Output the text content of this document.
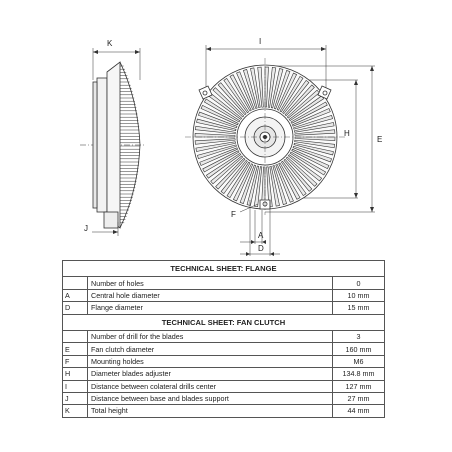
K
J
I
E
H
F
A
D
TECHNICAL SHEET: FLANGE		
	Number of holes	0
A	Central hole diameter	10 mm
D	Flange diameter	15 mm
TECHNICAL SHEET: FAN CLUTCH		
	Number of drill for the blades	3
E	Fan clutch diameter	160 mm
F	Mounting holdes	M6
H	Diameter blades adjuster	134.8 mm
I	Distance between colateral drills center	127 mm
J	Distance between base and blades support	27 mm
K	Total height	44 mm
